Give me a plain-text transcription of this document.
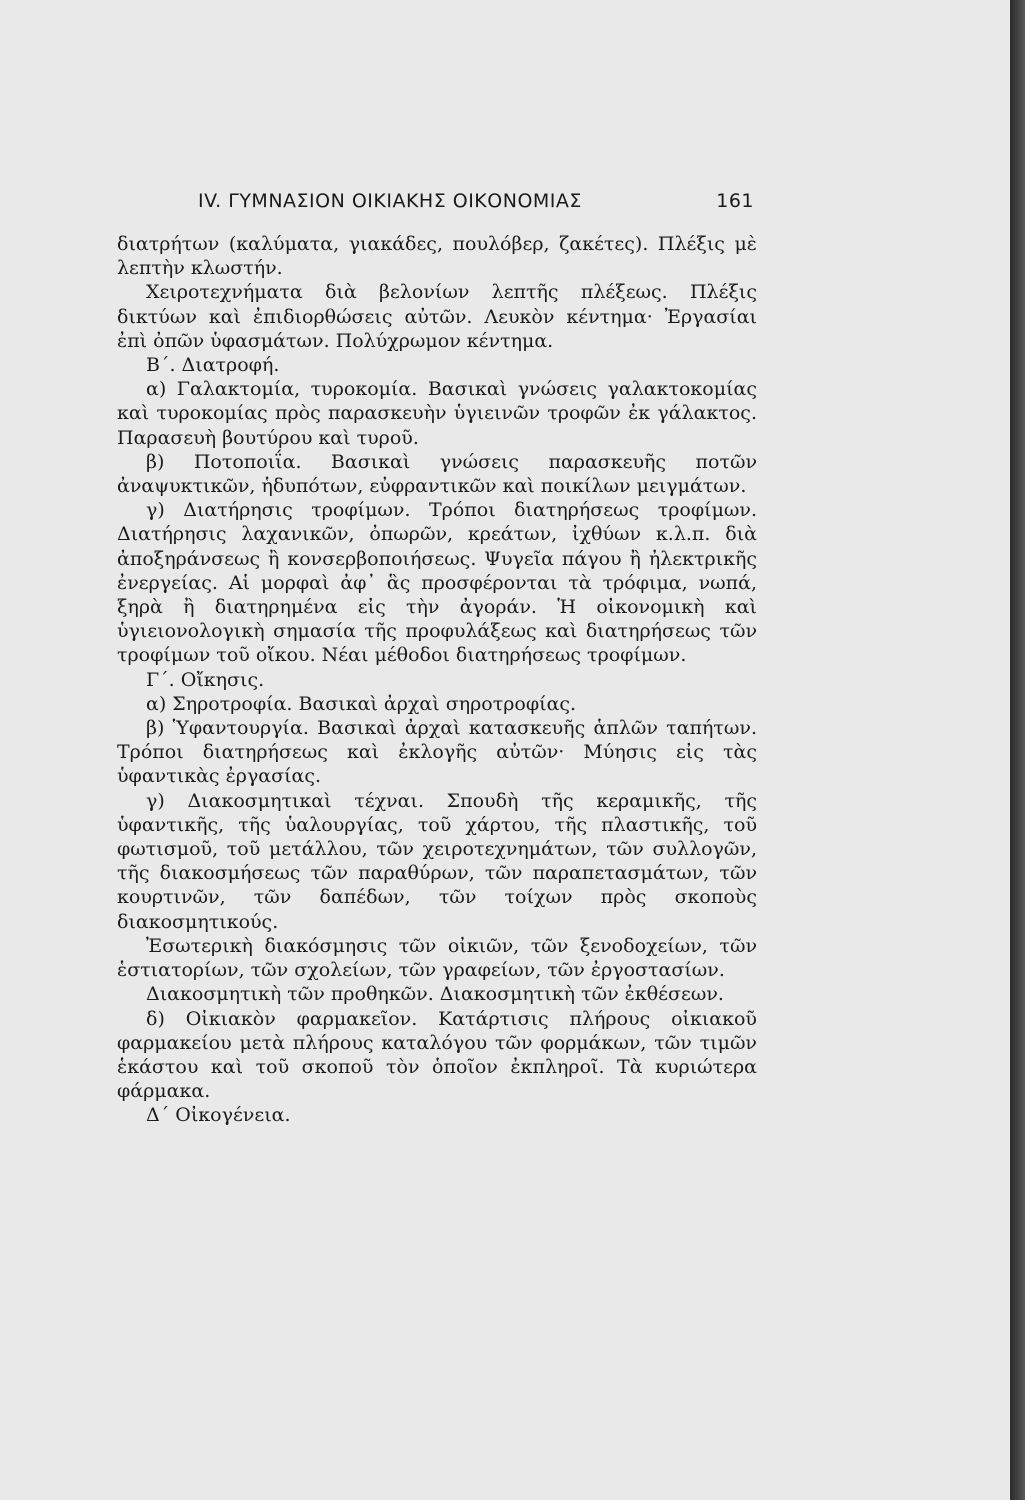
IV. ΓΥΜΝΑΣΙΟΝ ΟΙΚΙΑΚΗΣ ΟΙΚΟΝΟΜΙΑΣ	161

διατρήτων (καλύματα, γιακάδες, πουλόβερ, ζακέτες). Πλέξις μὲ λεπτὴν κλωστήν.

Χειροτεχνήματα διὰ βελονίων λεπτῆς πλέξεως. Πλέξις δικτύων καὶ ἐπιδιορθώσεις αὐτῶν. Λευκὸν κέντημα· Ἐργασίαι ἐπὶ ὀπῶν ὑφασμάτων. Πολύχρωμον κέντημα.

Β΄. Διατροφή.

α) Γαλακτομία, τυροκομία. Βασικαὶ γνώσεις γαλακτοκομίας καὶ τυροκομίας πρὸς παρασκευὴν ὑγιεινῶν τροφῶν ἐκ γάλακτος. Παρασευὴ βουτύρου καὶ τυροῦ.

β) Ποτοποιΐα. Βασικαὶ γνώσεις παρασκευῆς ποτῶν ἀναψυκτικῶν, ἡδυπότων, εὐφραντικῶν καὶ ποικίλων μειγμάτων.

γ) Διατήρησις τροφίμων. Τρόποι διατηρήσεως τροφίμων. Διατήρησις λαχανικῶν, ὀπωρῶν, κρεάτων, ἰχθύων κ.λ.π. διὰ ἀποξηράνσεως ἢ κονσερβοποιήσεως. Ψυγεῖα πάγου ἢ ἠλεκτρικῆς ἐνεργείας. Αἱ μορφαὶ ἀφ᾽ ἃς προσφέρονται τὰ τρόφιμα, νωπά, ξηρὰ ἢ διατηρημένα εἰς τὴν ἀγοράν. Ἡ οἰκονομικὴ καὶ ὑγιειονολογικὴ σημασία τῆς προφυλάξεως καὶ διατηρήσεως τῶν τροφίμων τοῦ οἴκου. Νέαι μέθοδοι διατηρήσεως τροφίμων.

Γ΄. Οἴκησις.

α) Σηροτροφία. Βασικαὶ ἀρχαὶ σηροτροφίας.

β) Ὑφαντουργία. Βασικαὶ ἀρχαὶ κατασκευῆς ἁπλῶν ταπήτων. Τρόποι διατηρήσεως καὶ ἐκλογῆς αὐτῶν· Μύησις εἰς τὰς ὑφαντικὰς ἐργασίας.

γ) Διακοσμητικαὶ τέχναι. Σπουδὴ τῆς κεραμικῆς, τῆς ὑφαντικῆς, τῆς ὑαλουργίας, τοῦ χάρτου, τῆς πλαστικῆς, τοῦ φωτισμοῦ, τοῦ μετάλλου, τῶν χειροτεχνημάτων, τῶν συλλογῶν, τῆς διακοσμήσεως τῶν παραθύρων, τῶν παραπετασμάτων, τῶν κουρτινῶν, τῶν δαπέδων, τῶν τοίχων πρὸς σκοποὺς διακοσμητικούς.

Ἐσωτερικὴ διακόσμησις τῶν οἰκιῶν, τῶν ξενοδοχείων, τῶν ἑστιατορίων, τῶν σχολείων, τῶν γραφείων, τῶν ἐργοστασίων.

Διακοσμητικὴ τῶν προθηκῶν. Διακοσμητικὴ τῶν ἐκθέσεων.

δ) Οἰκιακὸν φαρμακεῖον. Κατάρτισις πλήρους οἰκιακοῦ φαρμακείου μετὰ πλήρους καταλόγου τῶν φορμάκων, τῶν τιμῶν ἑκάστου καὶ τοῦ σκοποῦ τὸν ὁποῖον ἐκπληροῖ. Τὰ κυριώτερα φάρμακα.

Δ΄ Οἰκογένεια.
